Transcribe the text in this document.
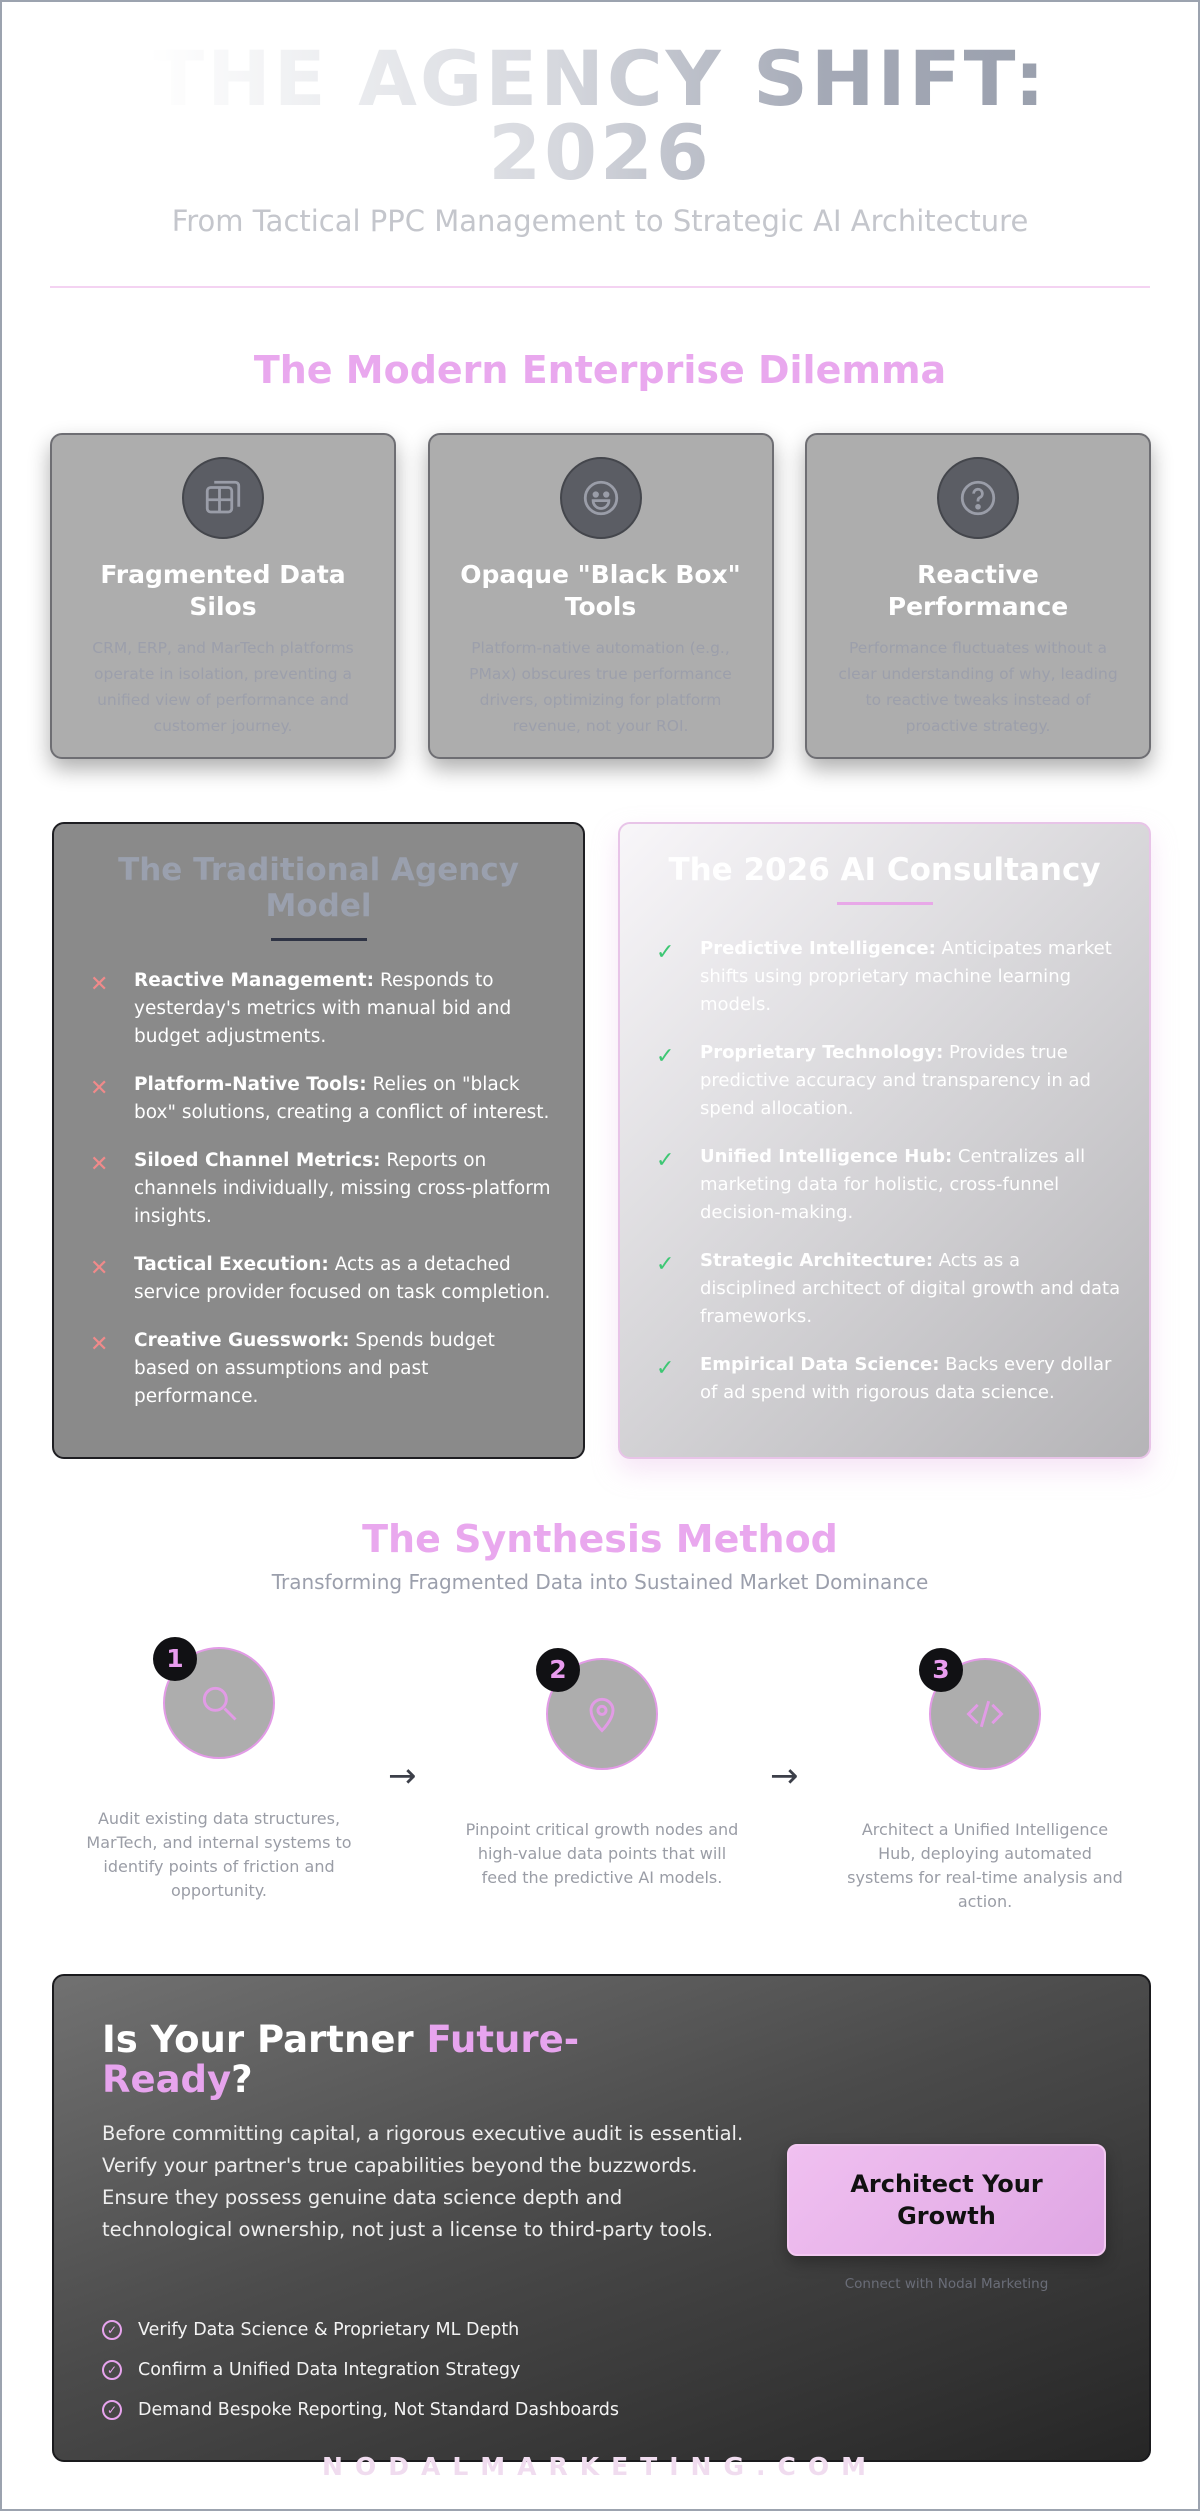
THE AGENCY SHIFT: 2026

From Tactical PPC Management to Strategic AI Architecture

The Modern Enterprise Dilemma
Fragmented Data Silos
CRM, ERP, and MarTech platforms operate in isolation, preventing a unified view of performance and customer journey.
Opaque "Black Box" Tools
Platform-native automation (e.g., PMax) obscures true performance drivers, optimizing for platform revenue, not your ROI.
Reactive Performance
Performance fluctuates without a clear understanding of why, leading to reactive tweaks instead of proactive strategy.
The Traditional Agency Model
✕	Reactive Management: Responds to yesterday's metrics with manual bid and budget adjustments.
✕	Platform-Native Tools: Relies on "black box" solutions, creating a conflict of interest.
✕	Siloed Channel Metrics: Reports on channels individually, missing cross-platform insights.
✕	Tactical Execution: Acts as a detached service provider focused on task completion.
✕	Creative Guesswork: Spends budget based on assumptions and past performance.
The 2026 AI Consultancy
✓	Predictive Intelligence: Anticipates market shifts using proprietary machine learning models.
✓	Proprietary Technology: Provides true predictive accuracy and transparency in ad spend allocation.
✓	Unified Intelligence Hub: Centralizes all marketing data for holistic, cross-funnel decision-making.
✓	Strategic Architecture: Acts as a disciplined architect of digital growth and data frameworks.
✓	Empirical Data Science: Backs every dollar of ad spend with rigorous data science.
The Synthesis Method

Transforming Fragmented Data into Sustained Market Dominance

1
Audit existing data structures, MarTech, and internal systems to identify points of friction and opportunity.
→
2
Pinpoint critical growth nodes and high-value data points that will feed the predictive AI models.
→
3
Architect a Unified Intelligence Hub, deploying automated systems for real-time analysis and action.
Is Your Partner Future-Ready?

Before committing capital, a rigorous executive audit is essential. Verify your partner's true capabilities beyond the buzzwords. Ensure they possess genuine data science depth and technological ownership, not just a license to third-party tools.

✓ Verify Data Science & Proprietary ML Depth
✓ Confirm a Unified Data Integration Strategy
✓ Demand Bespoke Reporting, Not Standard Dashboards
Architect Your Growth
Connect with Nodal Marketing
NODALMARKETING.COM
